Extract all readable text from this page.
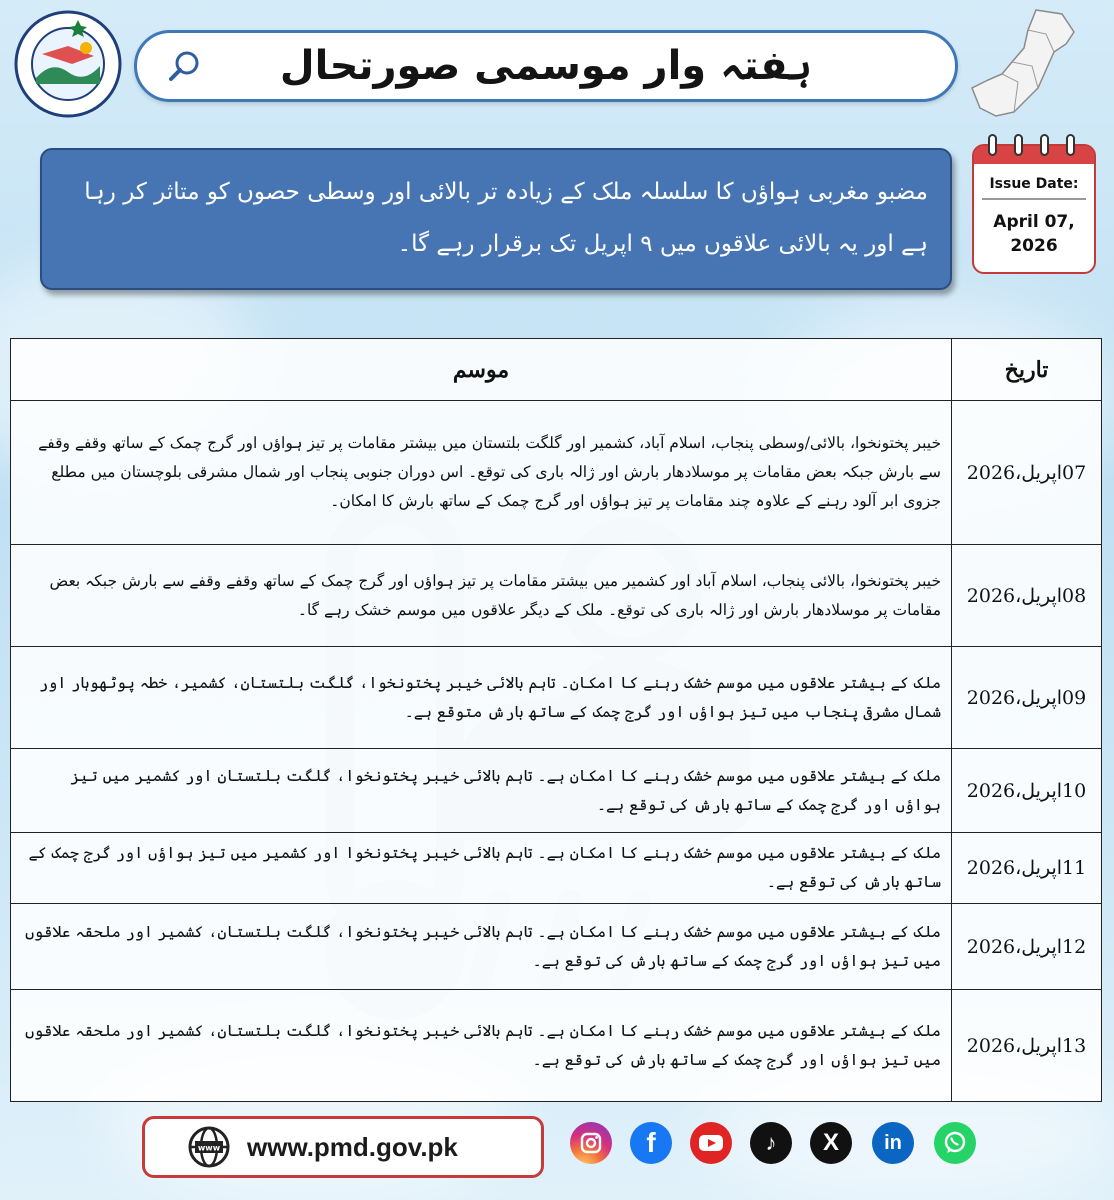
ہفتہ وار موسمی صورتحال

مضبو مغربی ہواؤں کا سلسلہ ملک کے زیادہ تر بالائی اور وسطی حصوں کو متاثر کر رہا ہے اور یہ بالائی علاقوں میں ۹ اپریل تک برقرار رہے گا۔

Issue Date:
April 07, 2026
موسم	تاریخ
خیبر پختونخوا، بالائی/وسطی پنجاب، اسلام آباد، کشمیر اور گلگت بلتستان میں بیشتر مقامات پر تیز ہواؤں اور گرج چمک کے ساتھ وقفے وقفے سے بارش جبکہ بعض مقامات پر موسلادھار بارش اور ژالہ باری کی توقع۔ اس دوران جنوبی پنجاب اور شمال مشرقی بلوچستان میں مطلع جزوی ابر آلود رہنے کے علاوہ چند مقامات پر تیز ہواؤں اور گرج چمک کے ساتھ بارش کا امکان۔	07اپریل،2026
خیبر پختونخوا، بالائی پنجاب، اسلام آباد اور کشمیر میں بیشتر مقامات پر تیز ہواؤں اور گرج چمک کے ساتھ وقفے وقفے سے بارش جبکہ بعض مقامات پر موسلادھار بارش اور ژالہ باری کی توقع۔ ملک کے دیگر علاقوں میں موسم خشک رہے گا۔	08اپریل،2026
ملک کے بیشتر علاقوں میں موسم خشک رہنے کا امکان۔ تاہم بالائی خیبر پختونخوا، گلگت بلتستان، کشمیر، خطہ پوٹھوہار اور شمال مشرقی پنجاب میں تیز ہواؤں اور گرج چمک کے ساتھ بارش متوقع ہے۔	09اپریل،2026
ملک کے بیشتر علاقوں میں موسم خشک رہنے کا امکان ہے۔ تاہم بالائی خیبر پختونخوا، گلگت بلتستان اور کشمیر میں تیز ہواؤں اور گرج چمک کے ساتھ بارش کی توقع ہے۔	10اپریل،2026
ملک کے بیشتر علاقوں میں موسم خشک رہنے کا امکان ہے۔ تاہم بالائی خیبر پختونخوا اور کشمیر میں تیز ہواؤں اور گرج چمک کے ساتھ بارش کی توقع ہے۔	11اپریل،2026
ملک کے بیشتر علاقوں میں موسم خشک رہنے کا امکان ہے۔ تاہم بالائی خیبر پختونخوا، گلگت بلتستان، کشمیر اور ملحقہ علاقوں میں تیز ہواؤں اور گرج چمک کے ساتھ بارش کی توقع ہے۔	12اپریل،2026
ملک کے بیشتر علاقوں میں موسم خشک رہنے کا امکان ہے۔ تاہم بالائی خیبر پختونخوا، گلگت بلتستان، کشمیر اور ملحقہ علاقوں میں تیز ہواؤں اور گرج چمک کے ساتھ بارش کی توقع ہے۔	13اپریل،2026
www www.pmd.gov.pk	f	♪	X	in
